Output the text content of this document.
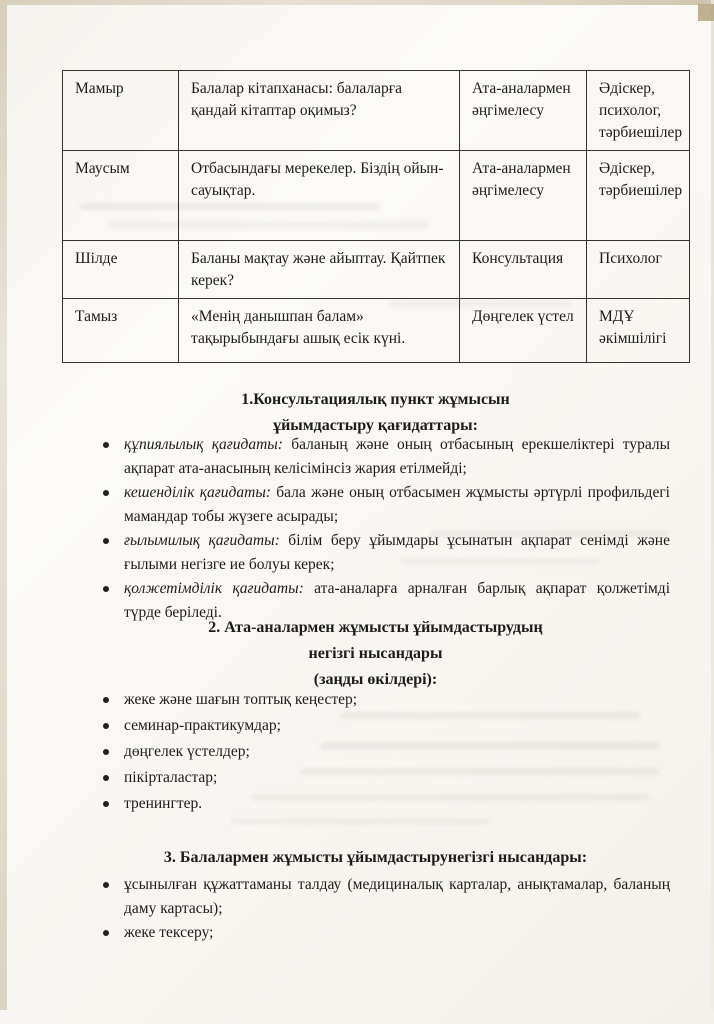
Мамыр	Балалар кітапханасы: балаларға қандай кітаптар оқимыз?	Ата-аналармен әңгімелесу	Әдіскер, психолог, тәрбиешілер
Маусым	Отбасындағы мерекелер. Біздің ойын-сауықтар.	Ата-аналармен әңгімелесу	Әдіскер, тәрбиешілер
Шілде	Баланы мақтау және айыптау. Қайтпек керек?	Консультация	Психолог
Тамыз	«Менің данышпан балам» тақырыбындағы ашық есік күні.	Дөңгелек үстел	МДҰ әкімшілігі
1.Консультациялық пункт жұмысын
ұйымдастыру қағидаттары:
құпиялылық қағидаты: баланың және оның отбасының ерекшеліктері туралы ақпарат ата-анасының келісімінсіз жария етілмейді;
кешенділік қағидаты: бала және оның отбасымен жұмысты әртүрлі профильдегі мамандар тобы жүзеге асырады;
ғылымилық қағидаты: білім беру ұйымдары ұсынатын ақпарат сенімді және ғылыми негізге ие болуы керек;
қолжетімділік қағидаты: ата-аналарға арналған барлық ақпарат қолжетімді түрде беріледі.
2. Ата-аналармен жұмысты ұйымдастырудың
негізгі нысандары
(заңды өкілдері):
жеке және шағын топтық кеңестер;
семинар-практикумдар;
дөңгелек үстелдер;
пікірталастар;
тренингтер.
3. Балалармен жұмысты ұйымдастырунегізгі нысандары:
ұсынылған құжаттаманы талдау (медициналық карталар, анықтамалар, баланың даму картасы);
жеке тексеру;
